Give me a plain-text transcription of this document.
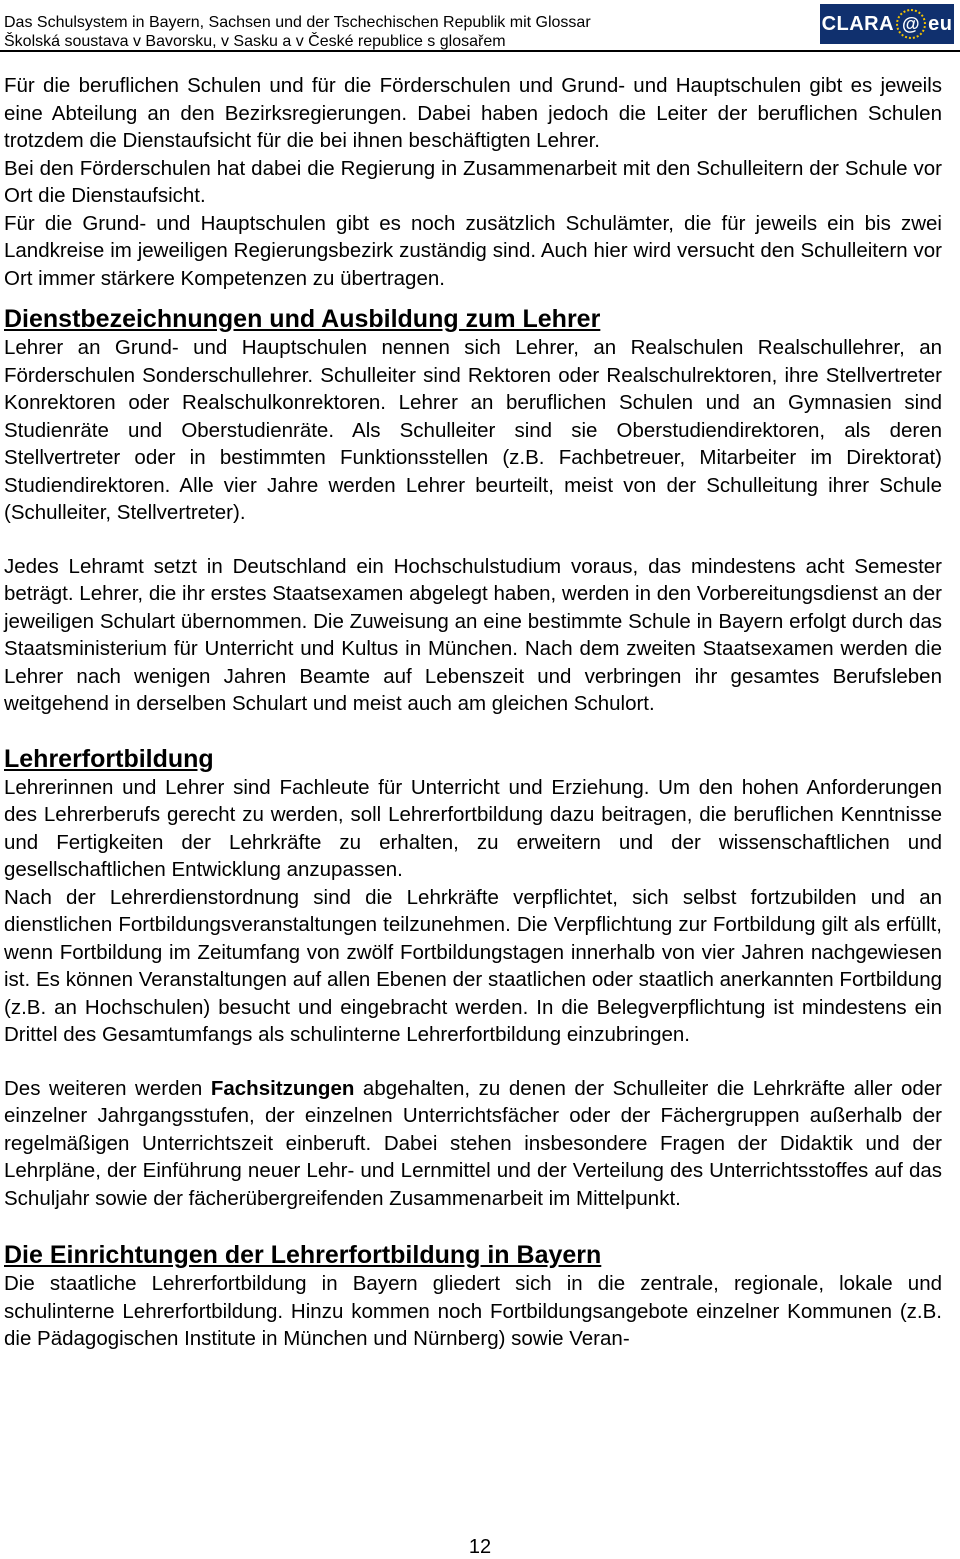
Das Schulsystem in Bayern, Sachsen und der Tschechischen Republik mit Glossar
Školská soustava v Bavorsku, v Sasku a v České republice s glosařem
CLARA @ eu

Für die beruflichen Schulen und für die Förderschulen und Grund- und Hauptschulen gibt es jeweils eine Abteilung an den Bezirksregierungen. Dabei haben jedoch die Leiter der beruflichen Schulen trotzdem die Dienstaufsicht für die bei ihnen beschäftigten Lehrer.

Bei den Förderschulen hat dabei die Regierung in Zusammenarbeit mit den Schulleitern der Schule vor Ort die Dienstaufsicht.

Für die Grund- und Hauptschulen gibt es noch zusätzlich Schulämter, die für jeweils ein bis zwei Landkreise im jeweiligen Regierungsbezirk zuständig sind. Auch hier wird versucht den Schulleitern vor Ort immer stärkere Kompetenzen zu übertragen.

Dienstbezeichnungen und Ausbildung zum Lehrer

Lehrer an Grund- und Hauptschulen nennen sich Lehrer, an Realschulen Realschullehrer, an Förderschulen Sonderschullehrer. Schulleiter sind Rektoren oder Realschulrektoren, ihre Stellvertreter Konrektoren oder Realschulkonrektoren. Lehrer an beruflichen Schulen und an Gymnasien sind Studienräte und Oberstudienräte. Als Schulleiter sind sie Oberstudiendirektoren, als deren Stellvertreter oder in bestimmten Funktionsstellen (z.B. Fachbetreuer, Mitarbeiter im Direktorat) Studiendirektoren. Alle vier Jahre werden Lehrer beurteilt, meist von der Schulleitung ihrer Schule (Schulleiter, Stellvertreter).

Jedes Lehramt setzt in Deutschland ein Hochschulstudium voraus, das mindestens acht Semester beträgt. Lehrer, die ihr erstes Staatsexamen abgelegt haben, werden in den Vorbereitungsdienst an der jeweiligen Schulart übernommen. Die Zuweisung an eine bestimmte Schule in Bayern erfolgt durch das Staatsministerium für Unterricht und Kultus in München. Nach dem zweiten Staatsexamen werden die Lehrer nach wenigen Jahren Beamte auf Lebenszeit und verbringen ihr gesamtes Berufsleben weitgehend in derselben Schulart und meist auch am gleichen Schulort.

Lehrerfortbildung

Lehrerinnen und Lehrer sind Fachleute für Unterricht und Erziehung. Um den hohen Anforderungen des Lehrerberufs gerecht zu werden, soll Lehrerfortbildung dazu beitragen, die beruflichen Kenntnisse und Fertigkeiten der Lehrkräfte zu erhalten, zu erweitern und der wissenschaftlichen und gesellschaftlichen Entwicklung anzupassen.

Nach der Lehrerdienstordnung sind die Lehrkräfte verpflichtet, sich selbst fortzubilden und an dienstlichen Fortbildungsveranstaltungen teilzunehmen. Die Verpflichtung zur Fortbildung gilt als erfüllt, wenn Fortbildung im Zeitumfang von zwölf Fortbildungstagen innerhalb von vier Jahren nachgewiesen ist. Es können Veranstaltungen auf allen Ebenen der staatlichen oder staatlich anerkannten Fortbildung (z.B. an Hochschulen) besucht und eingebracht werden. In die Belegverpflichtung ist mindestens ein Drittel des Gesamtumfangs als schulinterne Lehrerfortbildung einzubringen.

Des weiteren werden Fachsitzungen abgehalten, zu denen der Schulleiter die Lehrkräfte aller oder einzelner Jahrgangsstufen, der einzelnen Unterrichtsfächer oder der Fächergruppen außerhalb der regelmäßigen Unterrichtszeit einberuft. Dabei stehen insbesondere Fragen der Didaktik und der Lehrpläne, der Einführung neuer Lehr- und Lernmittel und der Verteilung des Unterrichtsstoffes auf das Schuljahr sowie der fächerübergreifenden Zusammenarbeit im Mittelpunkt.

Die Einrichtungen der Lehrerfortbildung in Bayern

Die staatliche Lehrerfortbildung in Bayern gliedert sich in die zentrale, regionale, lokale und schulinterne Lehrerfortbildung. Hinzu kommen noch Fortbildungsangebote einzelner Kommunen (z.B. die Pädagogischen Institute in München und Nürnberg) sowie Veran-

12
